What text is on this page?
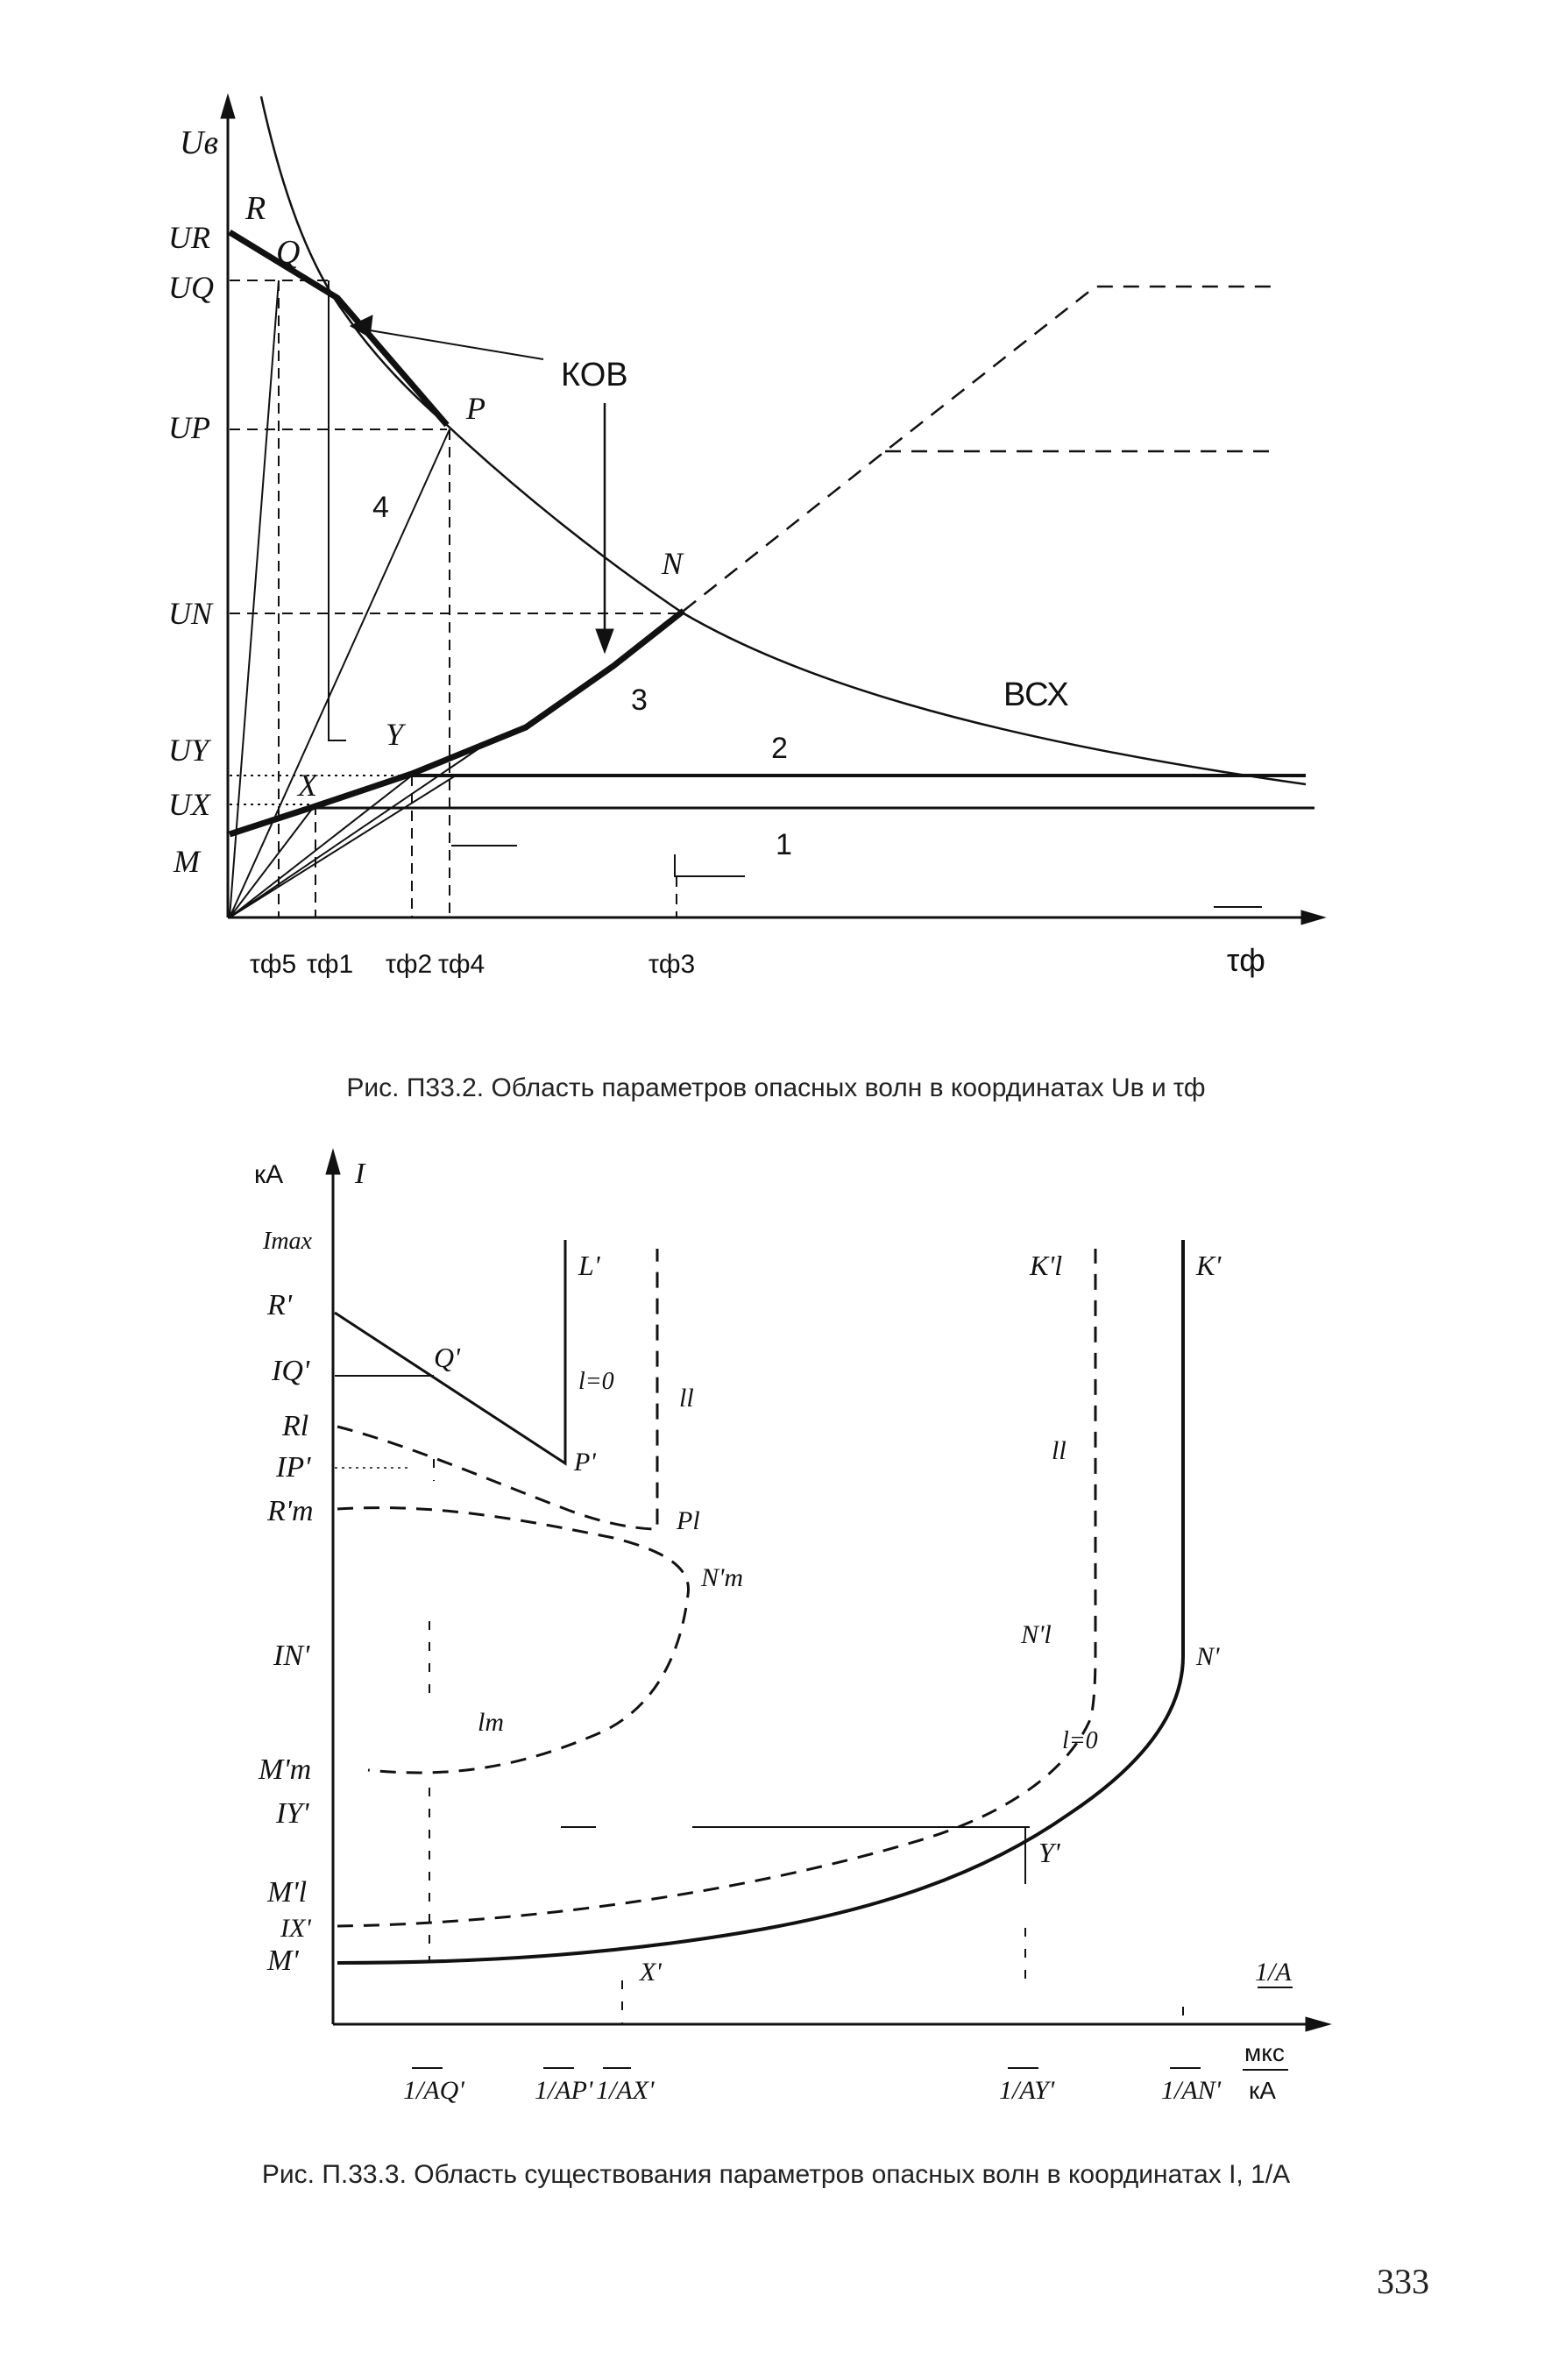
Uв
τф
UR
UQ
UP
UN
UY
UX
M
τф5 τф1 τф2 τф4	τф3
R
Q
P
N
Y
X
4
3
2
1
КОВ
ВСХ
кА I
Imax
R'
IQ'
Rl
IP'
R'm
IN'
M'm
IY'
M'l
IX'
M'
1/AQ'	1/AP' 1/AX'	1/AY'	1/AN'
мкс
кА
1/A
L'
Q'
P'
l=0
ll
Pl
N'm
lm
K'l
ll
N'l
l=0
K'
N'
Y'
X'
Рис. П33.2. Область параметров опасных волн в координатах Uв и τф
Рис. П.33.3. Область существования параметров опасных волн в координатах I, 1/A
333
